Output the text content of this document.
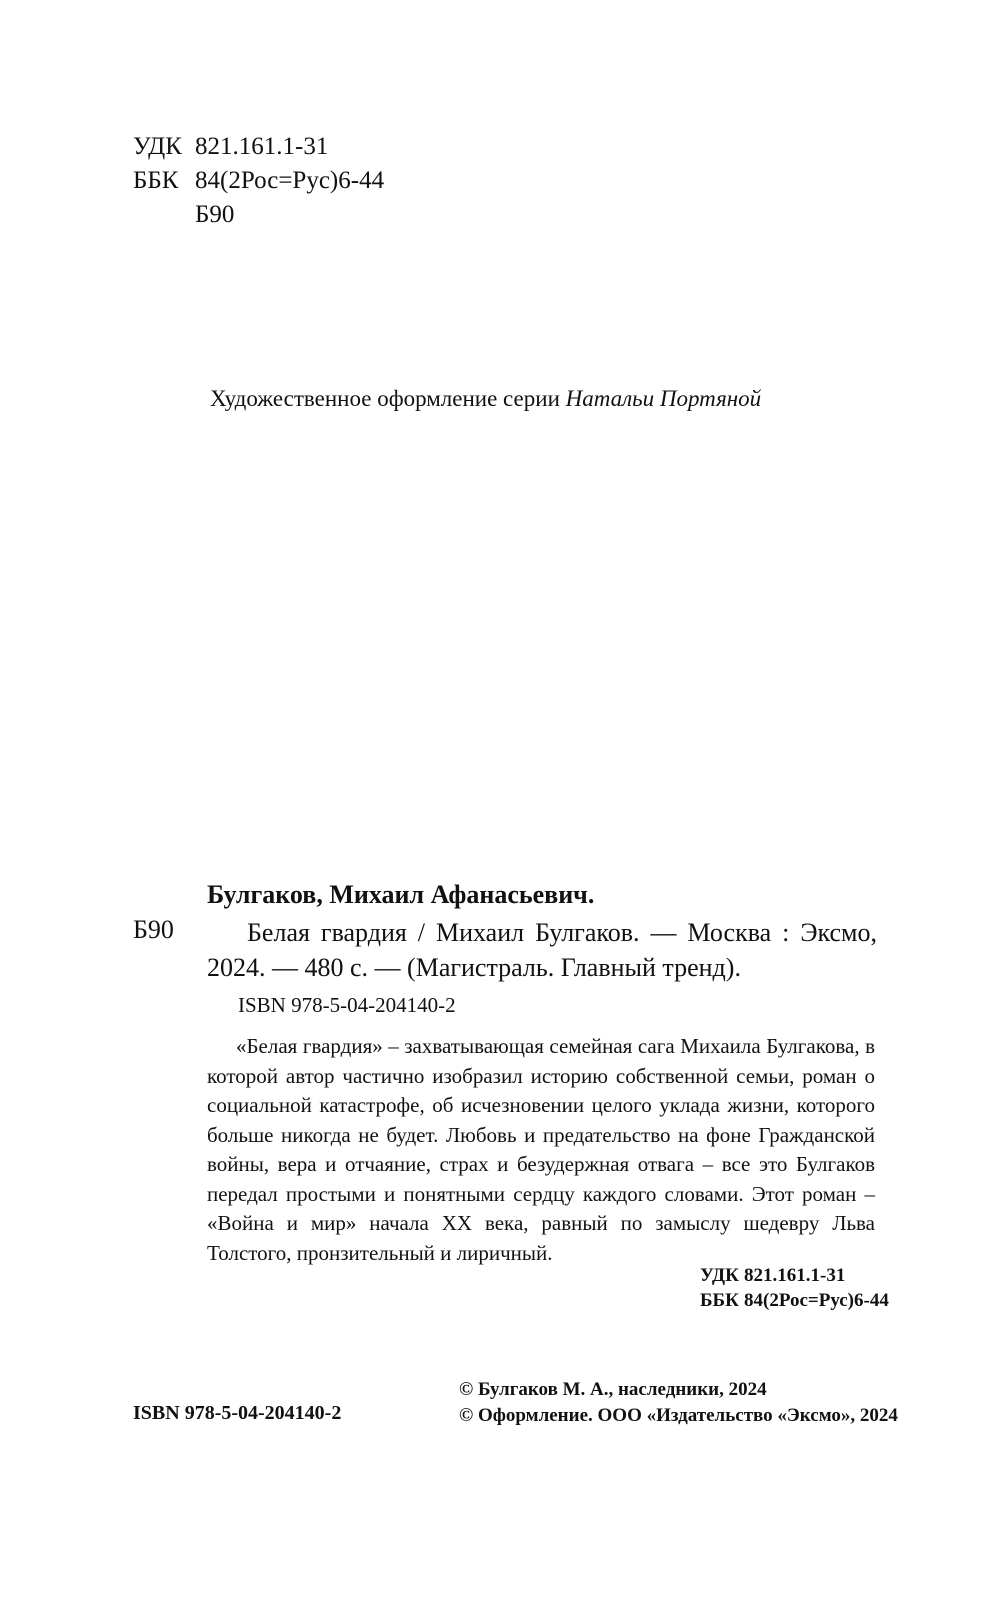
УДК 821.161.1-31
ББК 84(2Рос=Рус)6-44
Б90
Художественное оформление серии Натальи Портяной
Булгаков, Михаил Афанасьевич.
Б90	Белая гвардия / Михаил Булгаков. — Москва : Эксмо,
2024. — 480 с. — (Магистраль. Главный тренд).
ISBN 978-5-04-204140-2

«Белая гвардия» – захватывающая семейная сага Михаила Булгакова, в которой автор частично изобразил историю собственной семьи, роман о социальной катастрофе, об исчезновении целого уклада жизни, которого больше никогда не будет. Любовь и предательство на фоне Гражданской войны, вера и отчаяние, страх и безудержная отвага – все это Булгаков передал простыми и понятными сердцу каждого словами. Этот роман – «Война и мир» начала ХХ века, равный по замыслу шедевру Льва Толстого, пронзительный и лиричный.

УДК 821.161.1-31
ББК 84(2Рос=Рус)6-44
ISBN 978-5-04-204140-2
© Булгаков М. А., наследники, 2024
© Оформление. ООО «Издательство «Эксмо», 2024
